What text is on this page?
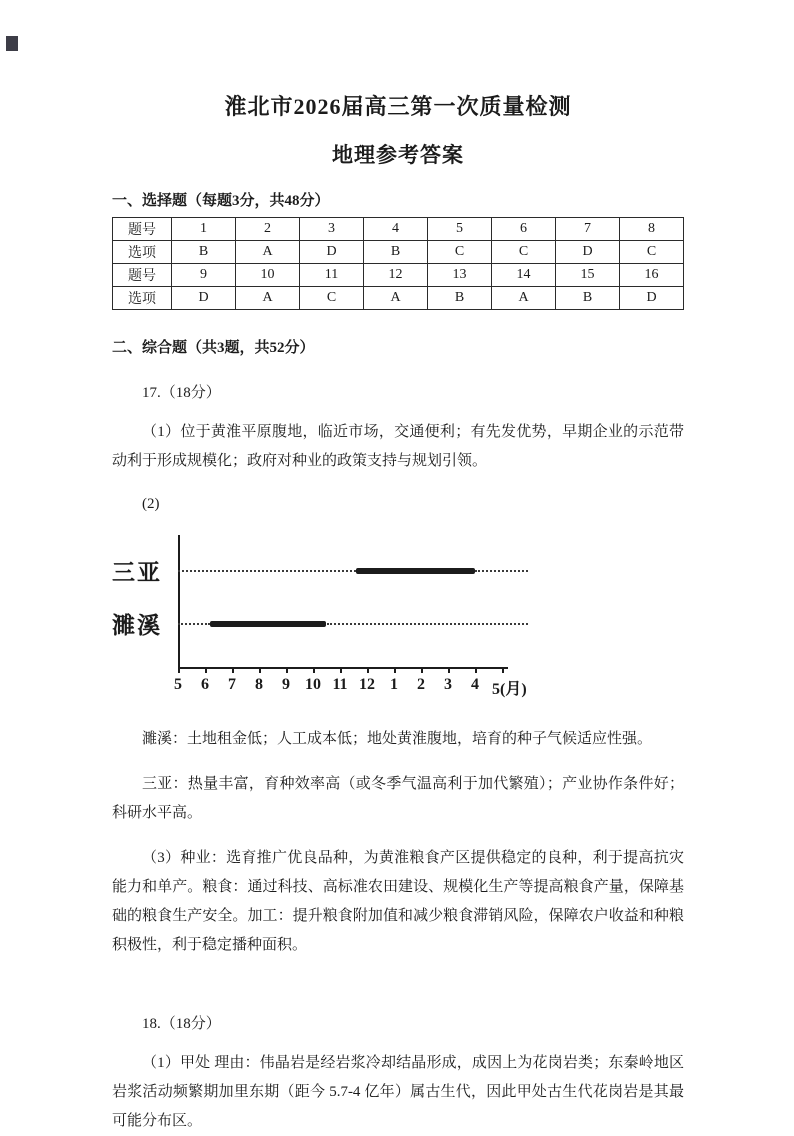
淮北市2026届高三第一次质量检测
地理参考答案
一、选择题（每题3分，共48分）
题号	1	2	3	4	5	6	7	8
选项	B	A	D	B	C	C	D	C
题号	9	10	11	12	13	14	15	16
选项	D	A	C	A	B	A	B	D
二、综合题（共3题，共52分）
17.（18分）

（1）位于黄淮平原腹地，临近市场，交通便利；有先发优势，早期企业的示范带动利于形成规模化；政府对种业的政策支持与规划引领。

(2)

5	6	7	8	9 10 11 12 1	2	3	4 5(月)
三亚
濉溪

濉溪：土地租金低；人工成本低；地处黄淮腹地，培育的种子气候适应性强。

三亚：热量丰富，育种效率高（或冬季气温高利于加代繁殖）；产业协作条件好；科研水平高。

（3）种业：选育推广优良品种，为黄淮粮食产区提供稳定的良种，利于提高抗灾能力和单产。粮食：通过科技、高标准农田建设、规模化生产等提高粮食产量，保障基础的粮食生产安全。加工：提升粮食附加值和减少粮食滞销风险，保障农户收益和种粮积极性，利于稳定播种面积。

18.（18分）

（1）甲处 理由：伟晶岩是经岩浆冷却结晶形成，成因上为花岗岩类；东秦岭地区岩浆活动频繁期加里东期（距今 5.7-4 亿年）属古生代，因此甲处古生代花岗岩是其最可能分布区。
